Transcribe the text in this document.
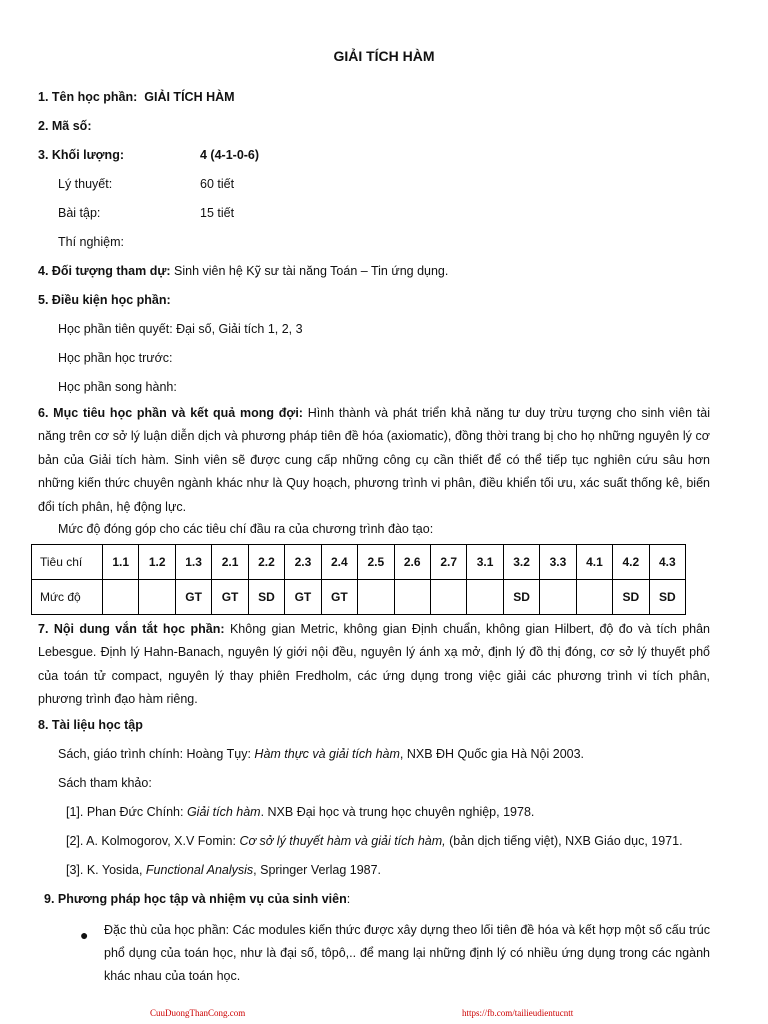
GIẢI TÍCH HÀM
1. Tên học phần: GIẢI TÍCH HÀM
2. Mã số:
3. Khối lượng:	4 (4-1-0-6)
Lý thuyết:	60 tiết
Bài tập:	15 tiết
Thí nghiệm:
4. Đối tượng tham dự: Sinh viên hệ Kỹ sư tài năng Toán – Tin ứng dụng.
5. Điều kiện học phần:
Học phần tiên quyết: Đại số, Giải tích 1, 2, 3
Học phần học trước:
Học phần song hành:
6. Mục tiêu học phần và kết quả mong đợi: Hình thành và phát triển khả năng tư duy trừu tượng cho sinh viên tài năng trên cơ sở lý luận diễn dịch và phương pháp tiên đề hóa (axiomatic), đồng thời trang bị cho họ những nguyên lý cơ bản của Giải tích hàm. Sinh viên sẽ được cung cấp những công cụ cần thiết để có thể tiếp tục nghiên cứu sâu hơn những kiến thức chuyên ngành khác như là Quy hoạch, phương trình vi phân, điều khiển tối ưu, xác suất thống kê, biến đổi tích phân, hệ động lực.
Mức độ đóng góp cho các tiêu chí đầu ra của chương trình đào tạo:
Tiêu chí	1.1	1.2	1.3	2.1	2.2	2.3	2.4	2.5	2.6	2.7	3.1	3.2	3.3	4.1	4.2	4.3
Mức độ			GT	GT	SD	GT	GT					SD			SD	SD
7. Nội dung vắn tắt học phần: Không gian Metric, không gian Định chuẩn, không gian Hilbert, độ đo và tích phân Lebesgue. Định lý Hahn-Banach, nguyên lý giới nội đều, nguyên lý ánh xạ mở, định lý đồ thị đóng, cơ sở lý thuyết phổ của toán tử compact, nguyên lý thay phiên Fredholm, các ứng dụng trong việc giải các phương trình vi tích phân, phương trình đạo hàm riêng.
8. Tài liệu học tập
Sách, giáo trình chính: Hoàng Tụy: Hàm thực và giải tích hàm, NXB ĐH Quốc gia Hà Nội 2003.
Sách tham khảo:
[1]. Phan Đức Chính: Giải tích hàm. NXB Đại học và trung học chuyên nghiệp, 1978.
[2]. A. Kolmogorov, X.V Fomin: Cơ sở lý thuyết hàm và giải tích hàm, (bản dịch tiếng việt), NXB Giáo dục, 1971.
[3]. K. Yosida, Functional Analysis, Springer Verlag 1987.
9. Phương pháp học tập và nhiệm vụ của sinh viên:
● Đặc thù của học phần: Các modules kiến thức được xây dựng theo lối tiên đề hóa và kết hợp một số cấu trúc phổ dụng của toán học, như là đại số, tôpô,.. để mang lại những định lý có nhiều ứng dụng trong các ngành khác nhau của toán học.
CuuDuongThanCong.com	https://fb.com/tailieudientucntt
